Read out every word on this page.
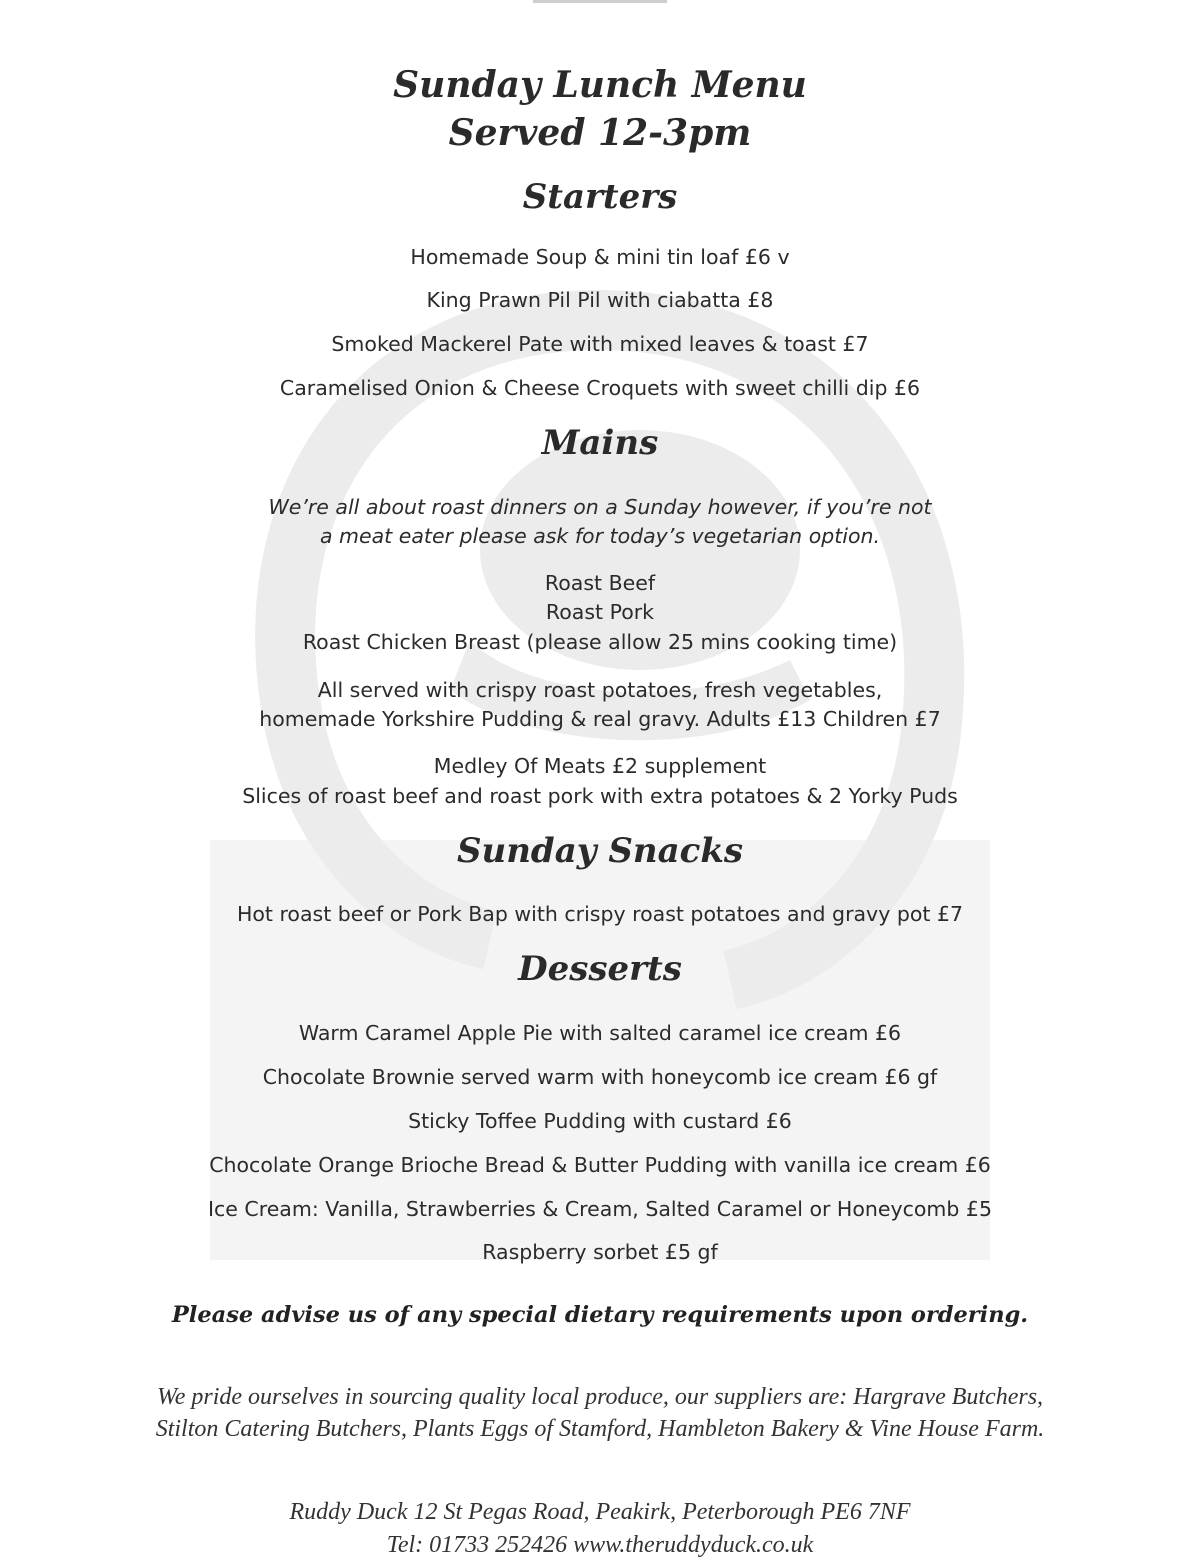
Sunday Lunch Menu

Served 12-3pm

Starters

Homemade Soup & mini tin loaf £6 v

King Prawn Pil Pil with ciabatta £8

Smoked Mackerel Pate with mixed leaves & toast £7

Caramelised Onion & Cheese Croquets with sweet chilli dip £6

Mains

We’re all about roast dinners on a Sunday however, if you’re not

a meat eater please ask for today’s vegetarian option.

Roast Beef

Roast Pork

Roast Chicken Breast (please allow 25 mins cooking time)

All served with crispy roast potatoes, fresh vegetables,

homemade Yorkshire Pudding & real gravy. Adults £13 Children £7

Medley Of Meats £2 supplement

Slices of roast beef and roast pork with extra potatoes & 2 Yorky Puds

Sunday Snacks

Hot roast beef or Pork Bap with crispy roast potatoes and gravy pot £7

Desserts

Warm Caramel Apple Pie with salted caramel ice cream £6

Chocolate Brownie served warm with honeycomb ice cream £6 gf

Sticky Toffee Pudding with custard £6

Chocolate Orange Brioche Bread & Butter Pudding with vanilla ice cream £6

Ice Cream: Vanilla, Strawberries & Cream, Salted Caramel or Honeycomb £5

Raspberry sorbet £5 gf

Please advise us of any special dietary requirements upon ordering.

We pride ourselves in sourcing quality local produce, our suppliers are: Hargrave Butchers,

Stilton Catering Butchers, Plants Eggs of Stamford, Hambleton Bakery & Vine House Farm.

Ruddy Duck 12 St Pegas Road, Peakirk, Peterborough PE6 7NF

Tel: 01733 252426 www.theruddyduck.co.uk
